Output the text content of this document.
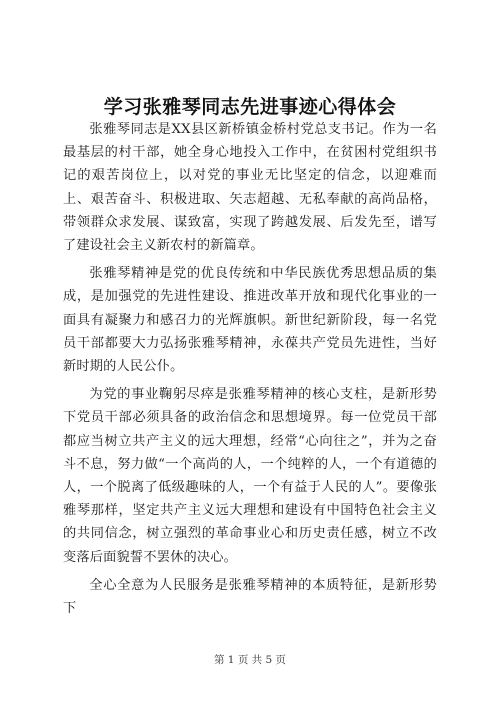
学习张雅琴同志先进事迹心得体会

张雅琴同志是XX县区新桥镇金桥村党总支书记。作为一名最基层的村干部，她全身心地投入工作中，在贫困村党组织书记的艰苦岗位上，以对党的事业无比坚定的信念，以迎难而上、艰苦奋斗、积极进取、矢志超越、无私奉献的高尚品格，带领群众求发展、谋致富，实现了跨越发展、后发先至，谱写了建设社会主义新农村的新篇章。

张雅琴精神是党的优良传统和中华民族优秀思想品质的集成，是加强党的先进性建设、推进改革开放和现代化事业的一面具有凝聚力和感召力的光辉旗帜。新世纪新阶段，每一名党员干部都要大力弘扬张雅琴精神，永葆共产党员先进性，当好新时期的人民公仆。

为党的事业鞠躬尽瘁是张雅琴精神的核心支柱，是新形势下党员干部必须具备的政治信念和思想境界。每一位党员干部都应当树立共产主义的远大理想，经常“心向往之”，并为之奋斗不息，努力做“一个高尚的人，一个纯粹的人，一个有道德的人，一个脱离了低级趣味的人，一个有益于人民的人”。要像张雅琴那样，坚定共产主义远大理想和建设有中国特色社会主义的共同信念，树立强烈的革命事业心和历史责任感，树立不改变落后面貌誓不罢休的决心。

全心全意为人民服务是张雅琴精神的本质特征，是新形势下

第 1 页 共 5 页
